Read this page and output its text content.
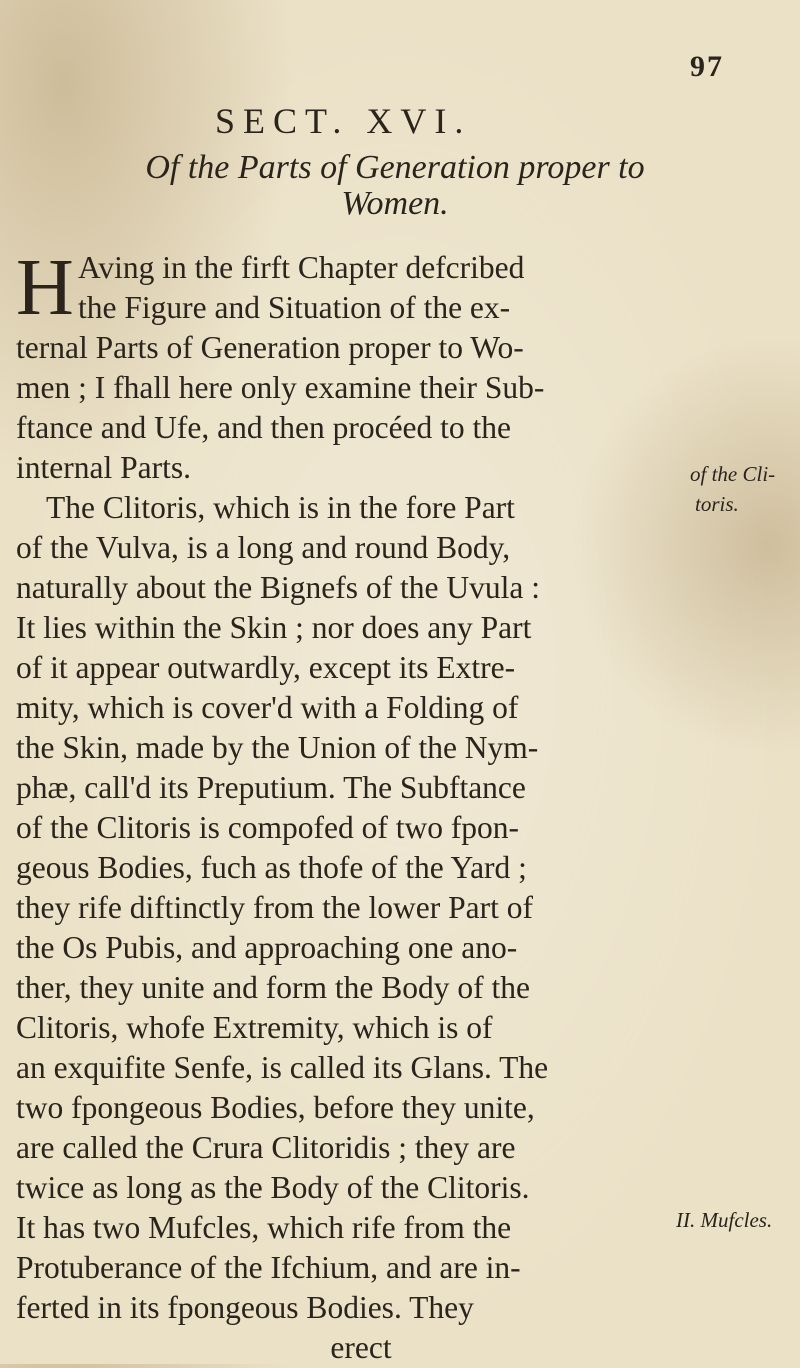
97
SECT. XVI.
Of the Parts of Generation proper to
Women.
H Aving in the firft Chapter defcribed
the Figure and Situation of the ex-
ternal Parts of Generation proper to Wo-
men ; I fhall here only examine their Sub-
ftance and Ufe, and then procéed to the
internal Parts.
The Clitoris, which is in the fore Part
of the Vulva, is a long and round Body,
naturally about the Bignefs of the Uvula :
It lies within the Skin ; nor does any Part
of it appear outwardly, except its Extre-
mity, which is cover'd with a Folding of
the Skin, made by the Union of the Nym-
phæ, call'd its Preputium. The Subftance
of the Clitoris is compofed of two fpon-
geous Bodies, fuch as thofe of the Yard ;
they rife diftinctly from the lower Part of
the Os Pubis, and approaching one ano-
ther, they unite and form the Body of the
Clitoris, whofe Extremity, which is of
an exquifite Senfe, is called its Glans. The
two fpongeous Bodies, before they unite,
are called the Crura Clitoridis ; they are
twice as long as the Body of the Clitoris.
It has two Mufcles, which rife from the
Protuberance of the Ifchium, and are in-
ferted in its fpongeous Bodies. They
erect
of the Cli-
toris.
II. Mufcles.
